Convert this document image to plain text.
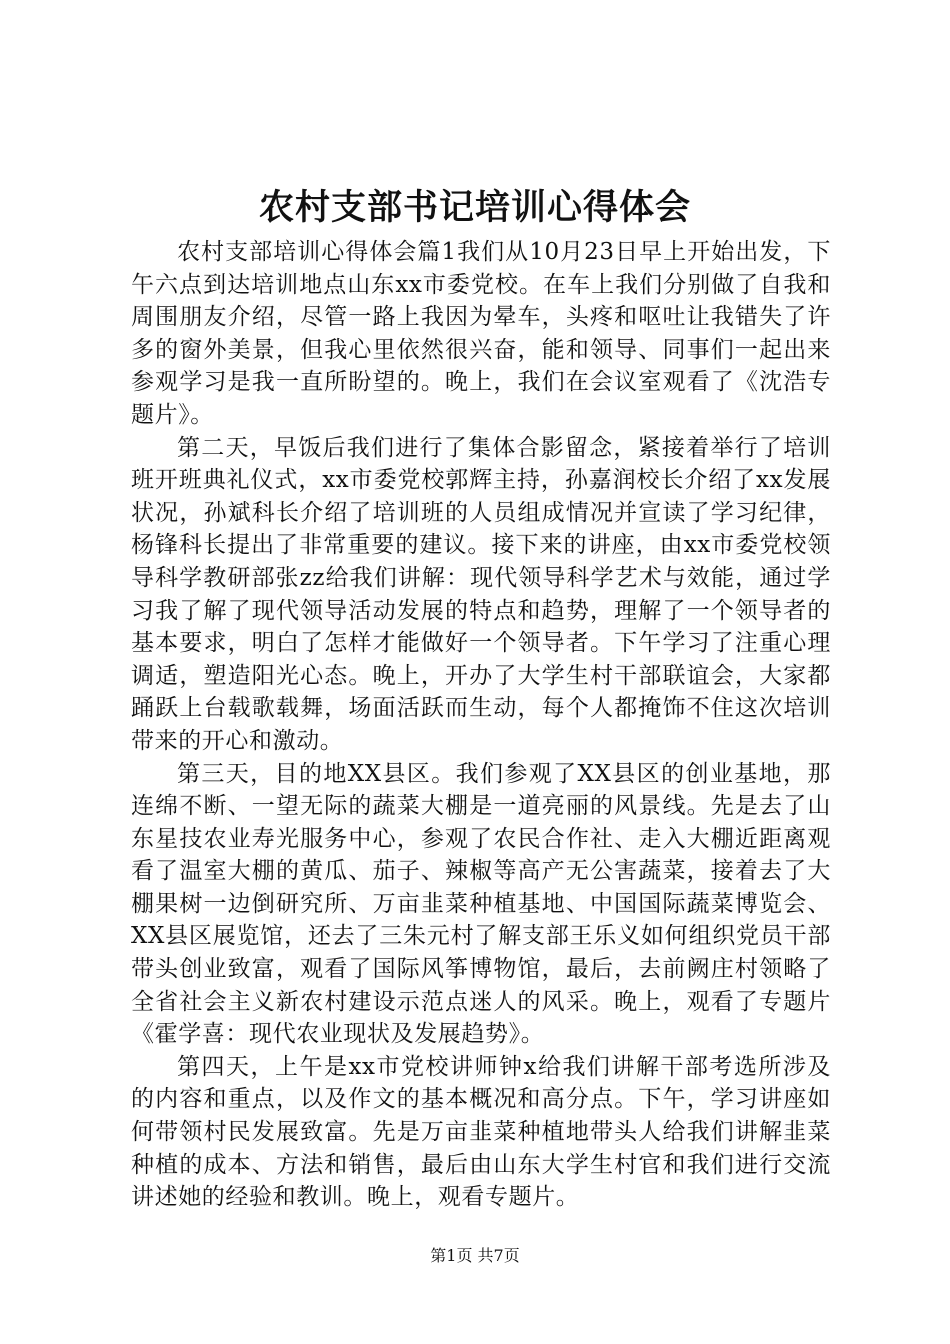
农村支部书记培训心得体会

农村支部培训心得体会篇1我们从10月23日早上开始出发，下午六点到达培训地点山东xx市委党校。在车上我们分别做了自我和周围朋友介绍，尽管一路上我因为晕车，头疼和呕吐让我错失了许多的窗外美景，但我心里依然很兴奋，能和领导、同事们一起出来参观学习是我一直所盼望的。晚上，我们在会议室观看了《沈浩专题片》。

第二天，早饭后我们进行了集体合影留念，紧接着举行了培训班开班典礼仪式，xx市委党校郭辉主持，孙嘉润校长介绍了xx发展状况，孙斌科长介绍了培训班的人员组成情况并宣读了学习纪律，杨锋科长提出了非常重要的建议。接下来的讲座，由xx市委党校领导科学教研部张zz给我们讲解：现代领导科学艺术与效能，通过学习我了解了现代领导活动发展的特点和趋势，理解了一个领导者的基本要求，明白了怎样才能做好一个领导者。下午学习了注重心理调适，塑造阳光心态。晚上，开办了大学生村干部联谊会，大家都踊跃上台载歌载舞，场面活跃而生动，每个人都掩饰不住这次培训带来的开心和激动。

第三天，目的地XX县区。我们参观了XX县区的创业基地，那连绵不断、一望无际的蔬菜大棚是一道亮丽的风景线。先是去了山东星技农业寿光服务中心，参观了农民合作社、走入大棚近距离观看了温室大棚的黄瓜、茄子、辣椒等高产无公害蔬菜，接着去了大棚果树一边倒研究所、万亩韭菜种植基地、中国国际蔬菜博览会、XX县区展览馆，还去了三朱元村了解支部王乐义如何组织党员干部带头创业致富，观看了国际风筝博物馆，最后，去前阙庄村领略了全省社会主义新农村建设示范点迷人的风采。晚上，观看了专题片《霍学喜：现代农业现状及发展趋势》。

第四天，上午是xx市党校讲师钟x给我们讲解干部考选所涉及的内容和重点，以及作文的基本概况和高分点。下午，学习讲座如何带领村民发展致富。先是万亩韭菜种植地带头人给我们讲解韭菜种植的成本、方法和销售，最后由山东大学生村官和我们进行交流讲述她的经验和教训。晚上，观看专题片。

第1页 共7页
